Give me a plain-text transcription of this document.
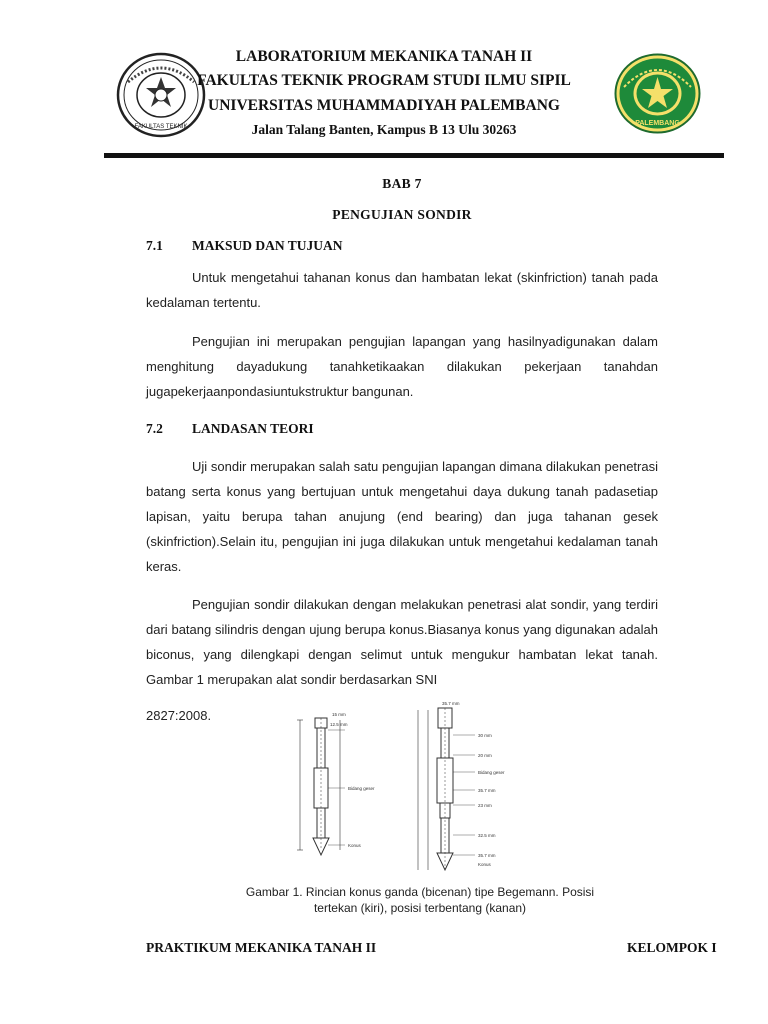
FAKULTAS TEKNIK	PALEMBANG
LABORATORIUM MEKANIKA TANAH II
FAKULTAS TEKNIK PROGRAM STUDI ILMU SIPIL
UNIVERSITAS MUHAMMADIYAH PALEMBANG
Jalan Talang Banten, Kampus B 13 Ulu 30263
BAB 7
PENGUJIAN SONDIR
7.1 MAKSUD DAN TUJUAN
Untuk mengetahui tahanan konus dan hambatan lekat (skinfriction) tanah pada kedalaman tertentu.
Pengujian ini merupakan pengujian lapangan yang hasilnyadigunakan dalam menghitung dayadukung tanahketikaakan dilakukan pekerjaan tanahdan jugapekerjaanpondasiuntukstruktur bangunan.
7.2 LANDASAN TEORI
Uji sondir merupakan salah satu pengujian lapangan dimana dilakukan penetrasi batang serta konus yang bertujuan untuk mengetahui daya dukung tanah padasetiap lapisan, yaitu berupa tahan anujung (end bearing) dan juga tahanan gesek (skinfriction).Selain itu, pengujian ini juga dilakukan untuk mengetahui kedalaman tanah keras.
Pengujian sondir dilakukan dengan melakukan penetrasi alat sondir, yang terdiri dari batang silindris dengan ujung berupa konus.Biasanya konus yang digunakan adalah biconus, yang dilengkapi dengan selimut untuk mengukur hambatan lekat tanah. Gambar 1 merupakan alat sondir berdasarkan SNI
2827:2008.	15 mm
12.5 mm
Bidang geser
Konus
35.7 mm
30 mm
20 mm
Bidang geser
35.7 mm
23 mm
32.5 mm
35.7 mm
Konus
Gambar 1. Rincian konus ganda (bicenan) tipe Begemann. Posisi
tertekan (kiri), posisi terbentang (kanan)
PRAKTIKUM MEKANIKA TANAH II	KELOMPOK I
